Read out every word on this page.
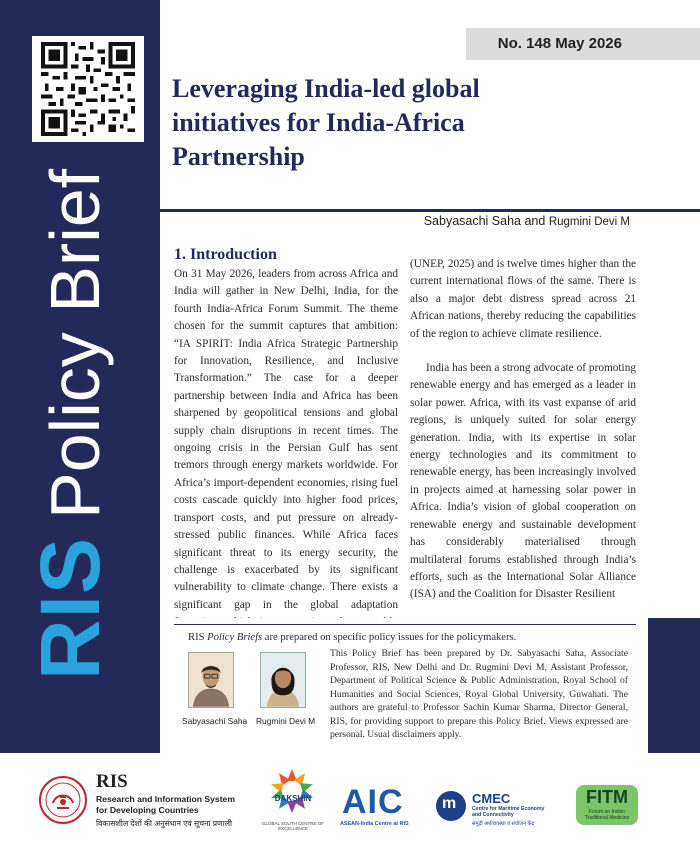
RISPolicy Brief
No. 148 May 2026
Leveraging India-led global
initiatives for India-Africa
Partnership
Sabyasachi Saha and Rugmini Devi M
1. Introduction

On 31 May 2026, leaders from across Africa and India will gather in New Delhi, India, for the fourth India-Africa Forum Summit. The theme chosen for the summit captures that ambition: “IA SPIRIT: India Africa Strategic Partnership for Innovation, Resilience, and Inclusive Transformation.” The case for a deeper partnership between India and Africa has been sharpened by geopolitical tensions and global supply chain disruptions in recent times. The ongoing crisis in the Persian Gulf has sent tremors through energy markets worldwide. For Africa’s import-dependent economies, rising fuel costs cascade quickly into higher food prices, transport costs, and put pressure on already-stressed public finances. While Africa faces significant threat to its energy security, the challenge is exacerbated by its significant vulnerability to climate change. There exists a significant gap in the global adaptation

(UNEP, 2025) and is twelve times higher than the current international flows of the same. There is also a major debt distress spread across 21 African nations, thereby reducing the capabilities of the region to achieve climate resilience.

India has been a strong advocate of promoting renewable energy and has emerged as a leader in solar power. Africa, with its vast expanse of arid regions, is uniquely suited for solar energy generation. India, with its expertise in solar energy technologies and its commitment to renewable energy, has been increasingly involved in projects aimed at harnessing solar power in Africa. India’s vision of global cooperation on renewable energy and sustainable development has considerably materialised through multilateral forums established through India’s efforts, such as the International Solar Alliance (ISA) and the Coalition for Disaster Resilient

RIS Policy Briefs are prepared on specific policy issues for the policymakers.
Sabyasachi Saha Rugmini Devi M
This Policy Brief has been prepared by Dr. Sabyasachi Saha, Associate Professor, RIS, New Delhi and Dr. Rugmini Devi M, Assistant Professor, Department of Political Science & Public Administration, Royal School of Humanities and Social Sciences, Royal Global University, Guwahati. The authors are grateful to Professor Sachin Kumar Sharma, Director General, RIS, for providing support to prepare this Policy Brief. Views expressed are personal. Usual disclaimers apply.
RIS
Research and Information System
for Developing Countries
विकासशील देशों की अनुसंधान एवं सूचना प्रणाली
DAKSHIN
GLOBAL SOUTH CENTRE OF EXCELLENCE
AIC
ASEAN-India Centre at RIS
m CMEC
Centre for Maritime Economy
and Connectivity
समुद्री अर्थव्यवस्था व संयोजन केंद्र
FITM
Forum on Indian Traditional Medicine
